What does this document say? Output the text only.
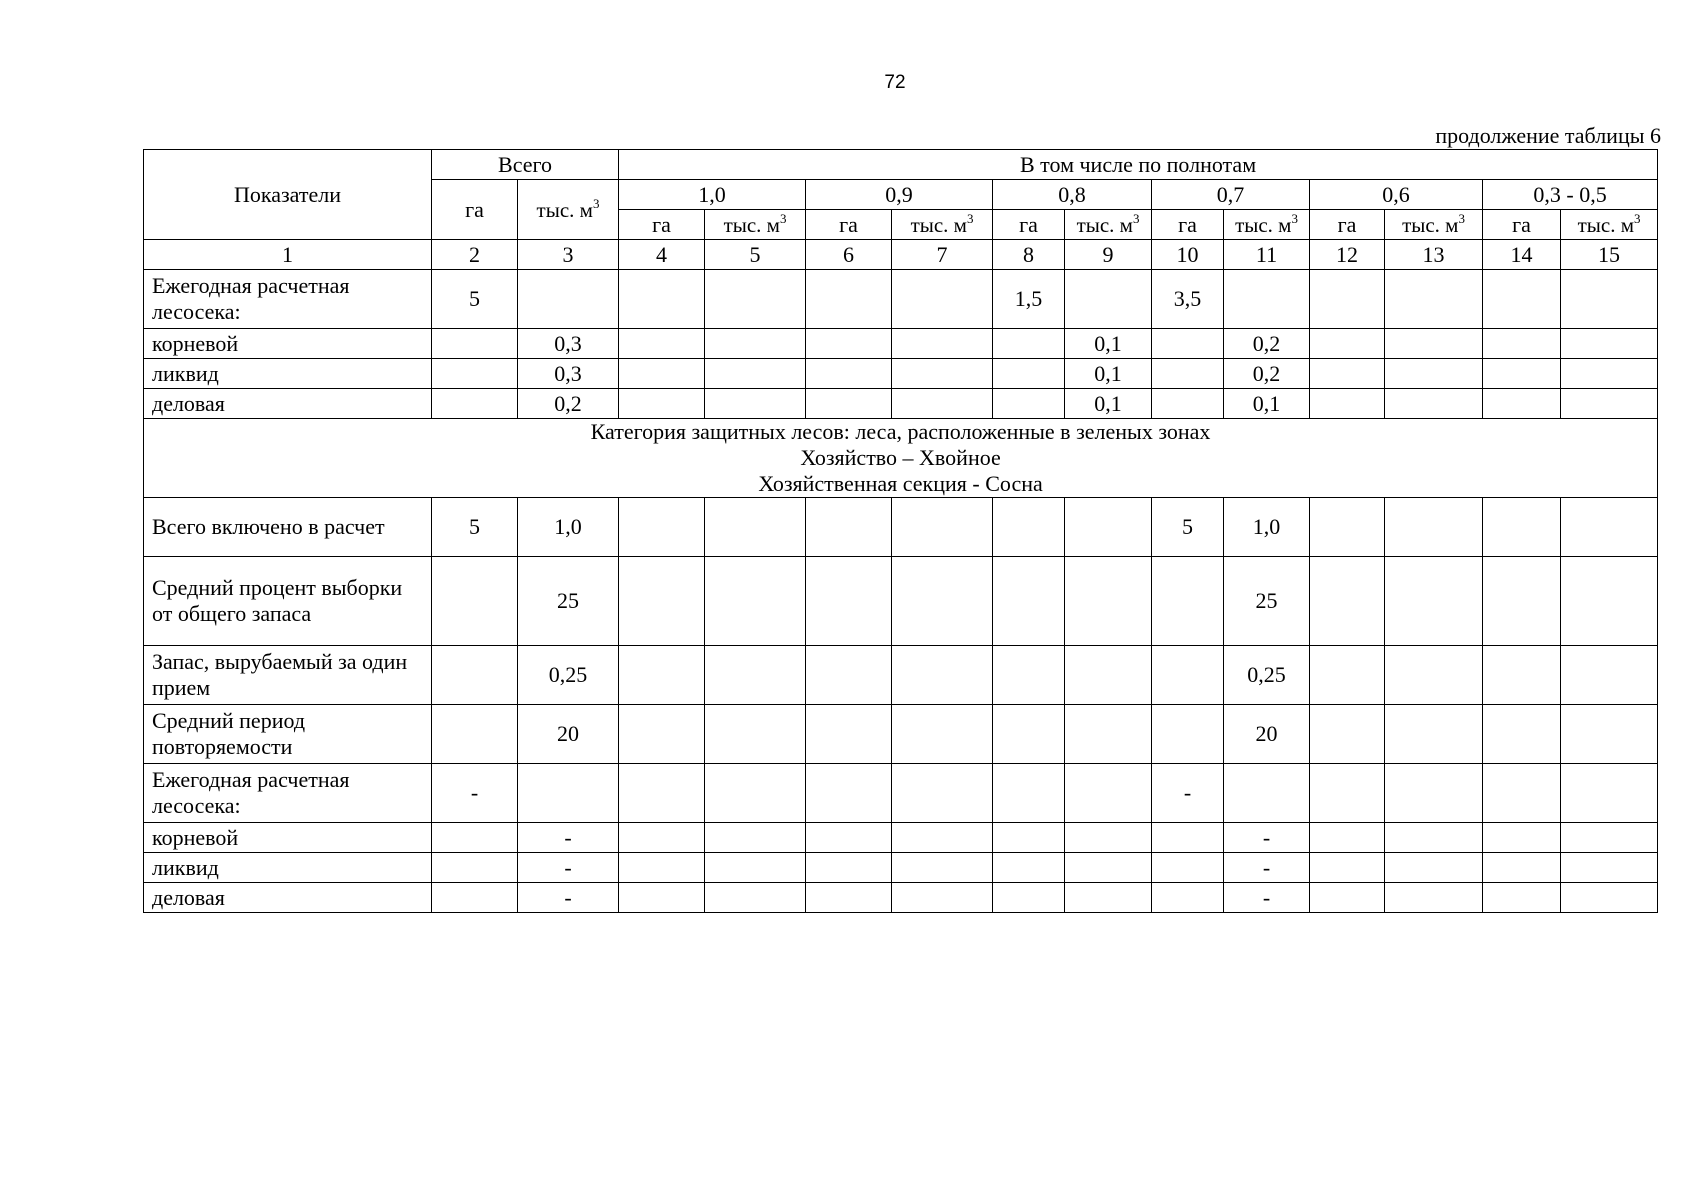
72
продолжение таблицы 6
Показатели	Всего		В том числе по полнотам											
	га	тыс. $м^3$	1,0		0,9		0,8		0,7		0,6		0,3 - 0,5	
			га	тыс. $м^3$	га	тыс. $м^3$	га	тыс. $м^3$	га	тыс. $м^3$	га	тыс. $м^3$	га	тыс. $м^3$
1	2	3	4	5	6	7	8	9	10	11	12	13	14	15
Ежегодная расчетная лесосека:	5						1,5		3,5					
корневой		0,3						0,1		0,2				
ликвид		0,3						0,1		0,2				
деловая		0,2						0,1		0,1				

Категория защитных лесов: леса, расположенные в зеленых зонах
Хозяйство – Хвойное
Хозяйственная секция - Сосна														

Всего включено в расчет	5	1,0							5	1,0				
Средний процент выборки от общего запаса		25								25				
Запас, вырубаемый за один прием		0,25								0,25				
Средний период повторяемости		20								20				
Ежегодная расчетная лесосека:	-								-					
корневой		-								-				
ликвид		-								-				
деловая		-								-				
